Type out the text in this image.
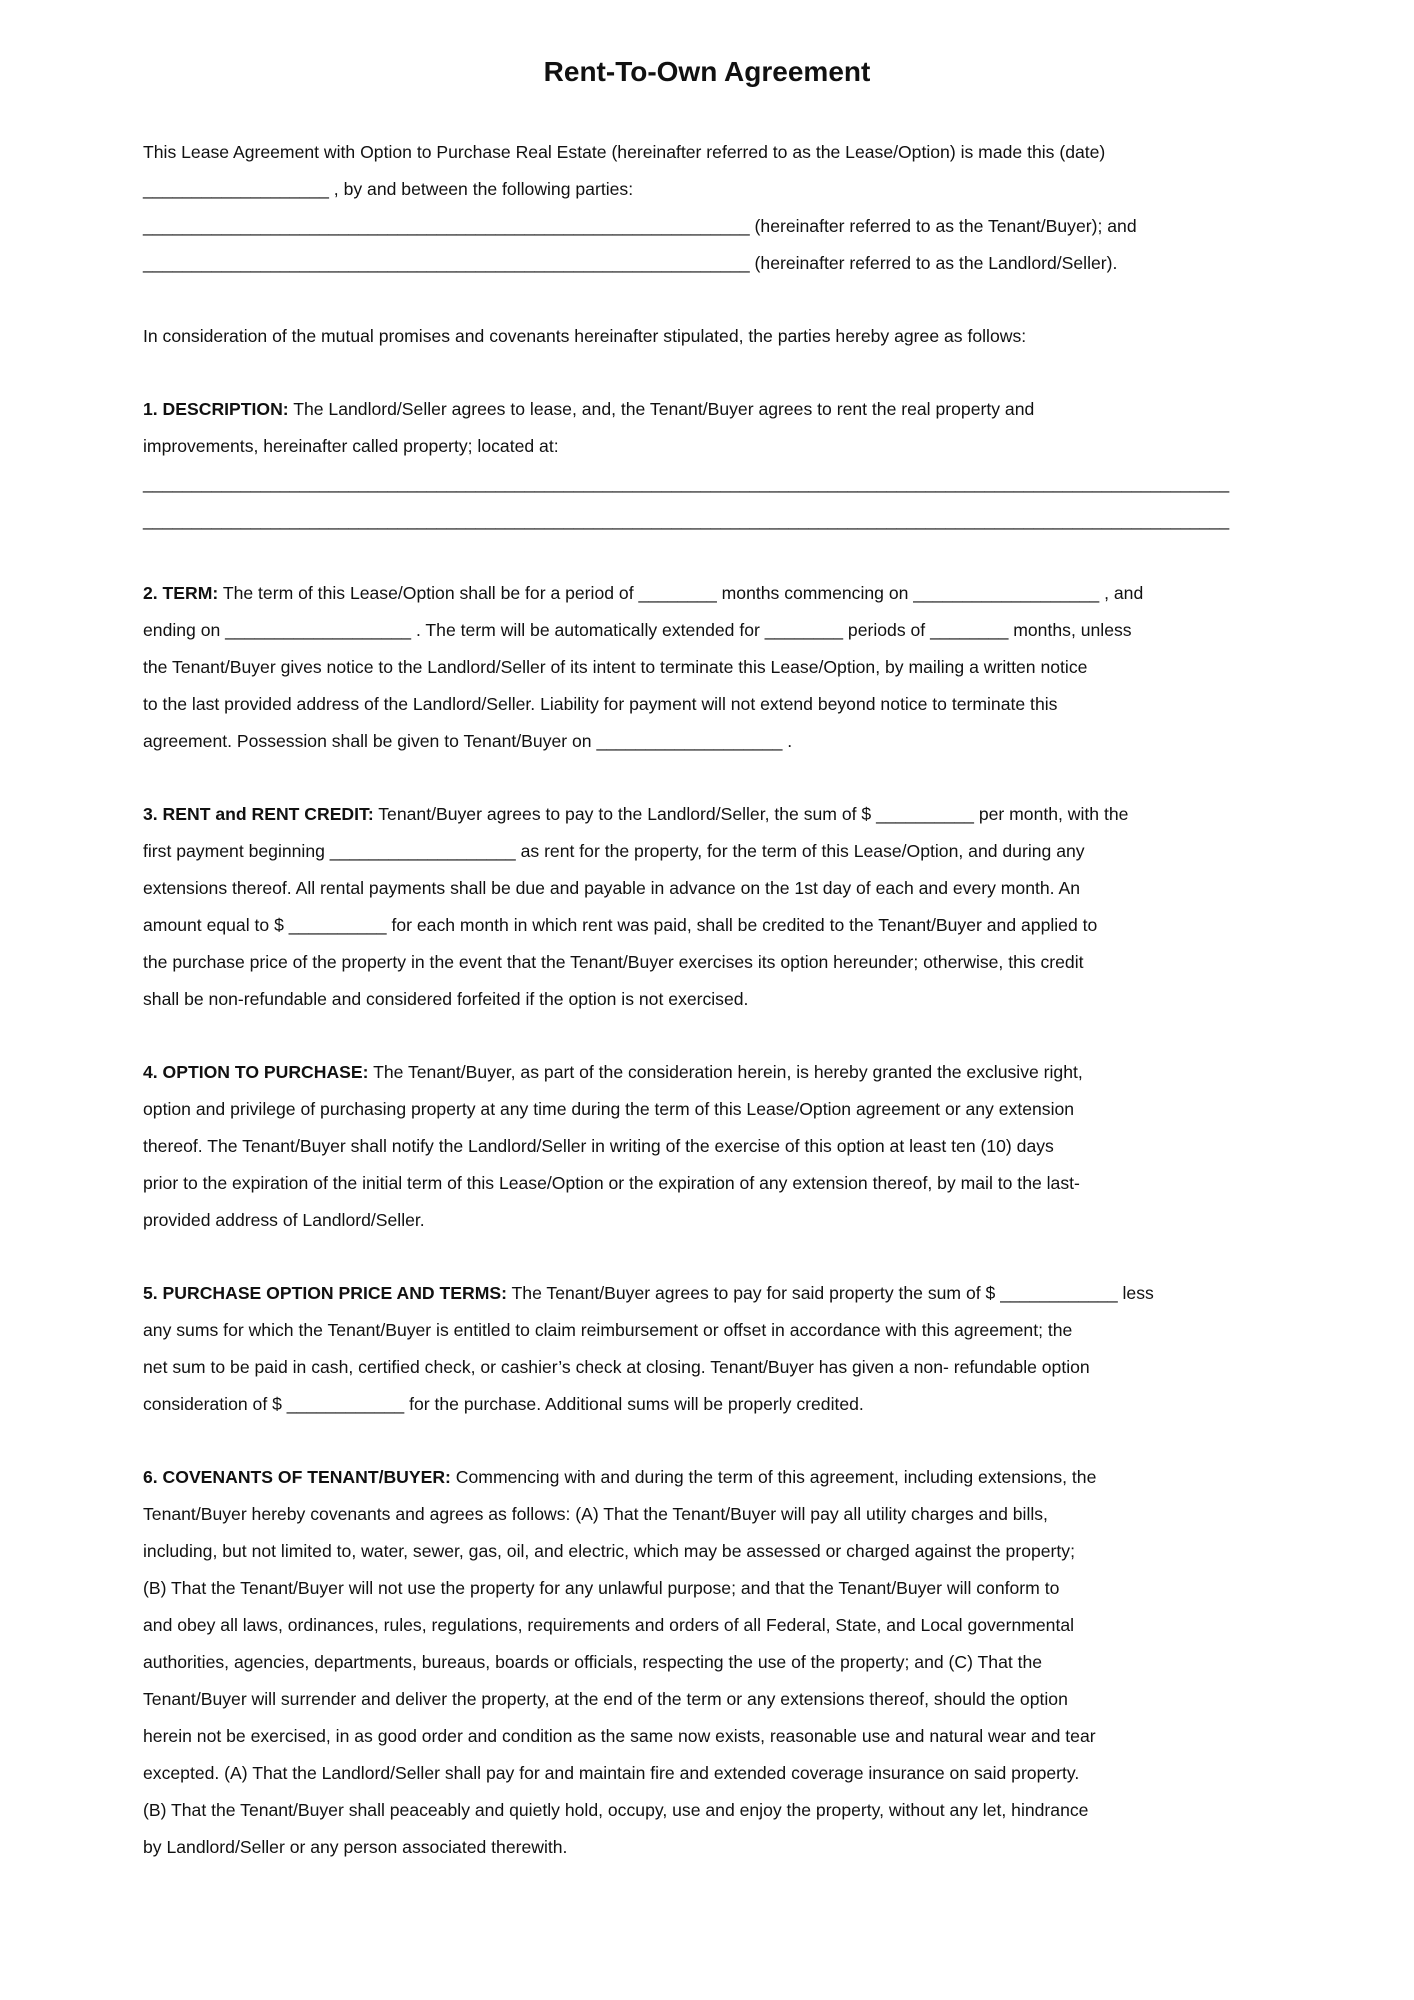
Rent-To-Own Agreement
This Lease Agreement with Option to Purchase Real Estate (hereinafter referred to as the Lease/Option) is made this (date)
___________________ , by and between the following parties:
______________________________________________________________ (hereinafter referred to as the Tenant/Buyer); and
______________________________________________________________ (hereinafter referred to as the Landlord/Seller).
In consideration of the mutual promises and covenants hereinafter stipulated, the parties hereby agree as follows:
1. DESCRIPTION: The Landlord/Seller agrees to lease, and, the Tenant/Buyer agrees to rent the real property and
improvements, hereinafter called property; located at:
_______________________________________________________________________________________________________________
_______________________________________________________________________________________________________________
2. TERM: The term of this Lease/Option shall be for a period of ________ months commencing on ___________________ , and
ending on ___________________ . The term will be automatically extended for ________ periods of ________ months, unless
the Tenant/Buyer gives notice to the Landlord/Seller of its intent to terminate this Lease/Option, by mailing a written notice
to the last provided address of the Landlord/Seller. Liability for payment will not extend beyond notice to terminate this
agreement. Possession shall be given to Tenant/Buyer on ___________________ .
3. RENT and RENT CREDIT: Tenant/Buyer agrees to pay to the Landlord/Seller, the sum of $ __________ per month, with the
first payment beginning ___________________ as rent for the property, for the term of this Lease/Option, and during any
extensions thereof. All rental payments shall be due and payable in advance on the 1st day of each and every month. An
amount equal to $ __________ for each month in which rent was paid, shall be credited to the Tenant/Buyer and applied to
the purchase price of the property in the event that the Tenant/Buyer exercises its option hereunder; otherwise, this credit
shall be non-refundable and considered forfeited if the option is not exercised.
4. OPTION TO PURCHASE: The Tenant/Buyer, as part of the consideration herein, is hereby granted the exclusive right,
option and privilege of purchasing property at any time during the term of this Lease/Option agreement or any extension
thereof. The Tenant/Buyer shall notify the Landlord/Seller in writing of the exercise of this option at least ten (10) days
prior to the expiration of the initial term of this Lease/Option or the expiration of any extension thereof, by mail to the last-
provided address of Landlord/Seller.
5. PURCHASE OPTION PRICE AND TERMS: The Tenant/Buyer agrees to pay for said property the sum of $ ____________ less
any sums for which the Tenant/Buyer is entitled to claim reimbursement or offset in accordance with this agreement; the
net sum to be paid in cash, certified check, or cashier’s check at closing. Tenant/Buyer has given a non- refundable option
consideration of $ ____________ for the purchase. Additional sums will be properly credited.
6. COVENANTS OF TENANT/BUYER: Commencing with and during the term of this agreement, including extensions, the
Tenant/Buyer hereby covenants and agrees as follows: (A) That the Tenant/Buyer will pay all utility charges and bills,
including, but not limited to, water, sewer, gas, oil, and electric, which may be assessed or charged against the property;
(B) That the Tenant/Buyer will not use the property for any unlawful purpose; and that the Tenant/Buyer will conform to
and obey all laws, ordinances, rules, regulations, requirements and orders of all Federal, State, and Local governmental
authorities, agencies, departments, bureaus, boards or officials, respecting the use of the property; and (C) That the
Tenant/Buyer will surrender and deliver the property, at the end of the term or any extensions thereof, should the option
herein not be exercised, in as good order and condition as the same now exists, reasonable use and natural wear and tear
excepted. (A) That the Landlord/Seller shall pay for and maintain fire and extended coverage insurance on said property.
(B) That the Tenant/Buyer shall peaceably and quietly hold, occupy, use and enjoy the property, without any let, hindrance
by Landlord/Seller or any person associated therewith.
